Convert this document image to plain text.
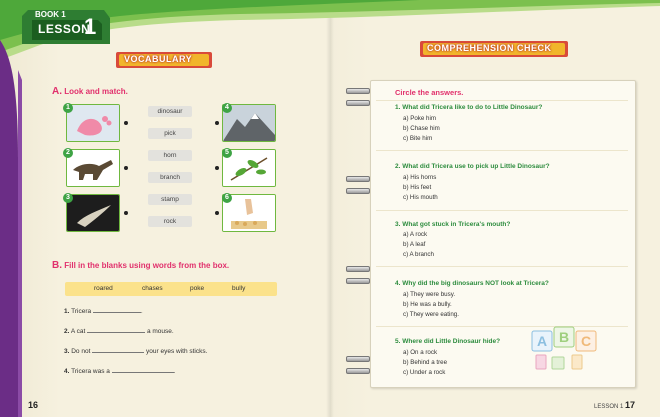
BOOK 1
LESSON
1
VOCABULARY
A. Look and match.
1
2
3
4
5
6
dinosaur
pick
horn
branch
stamp
rock
B. Fill in the blanks using words from the box.
roared	chases	poke	bully
1. Tricera	.
2. A cat	a mouse.
3. Do not	your eyes with sticks.
4. Tricera was a	.
COMPREHENSION CHECK
Circle the answers.
1. What did Tricera like to do to Little Dinosaur?
a) Poke him
b) Chase him
c) Bite him
2. What did Tricera use to pick up Little Dinosaur?
a) His horns
b) His feet
c) His mouth
3. What got stuck in Tricera's mouth?
a) A rock
b) A leaf
c) A branch
4. Why did the big dinosaurs NOT look at Tricera?
a) They were busy.
b) He was a bully.
c) They were eating.
5. Where did Little Dinosaur hide?
a) On a rock
b) Behind a tree
c) Under a rock
A B C
16	LESSON 1 17
